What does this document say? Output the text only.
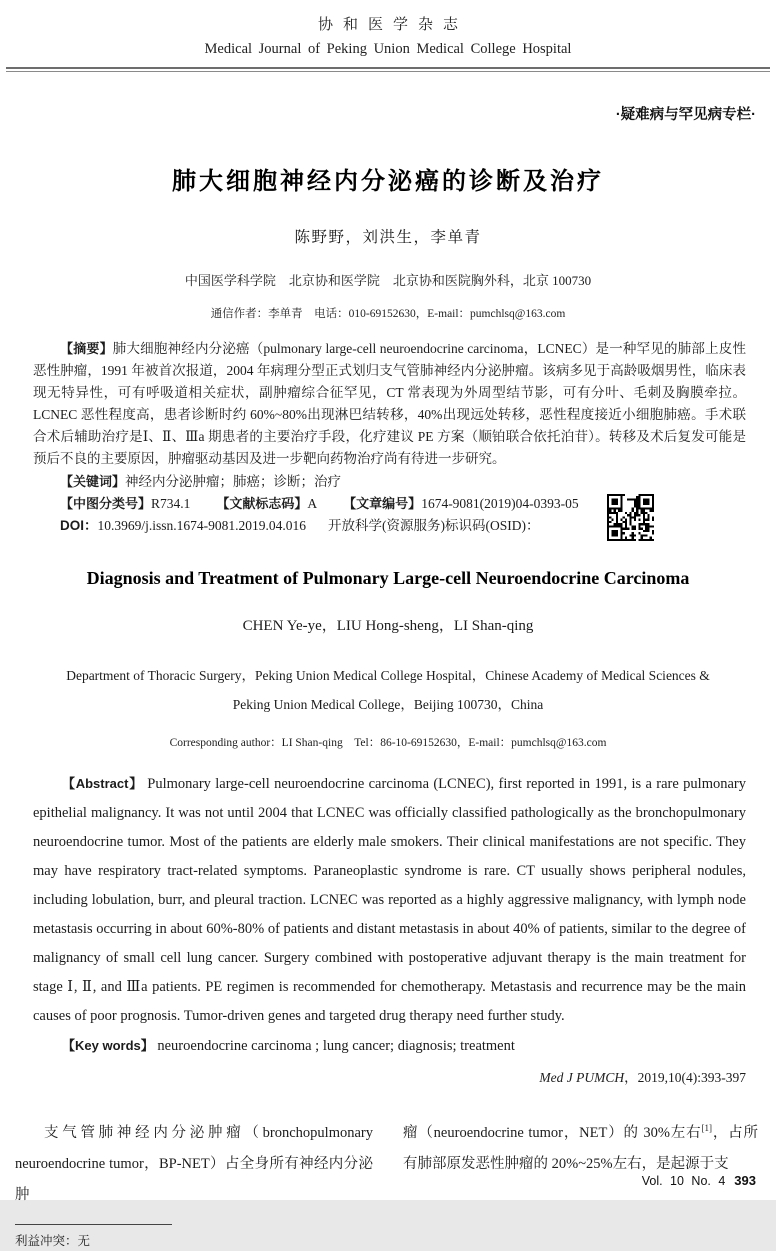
协和医学杂志
Medical Journal of Peking Union Medical College Hospital
·疑难病与罕见病专栏·
肺大细胞神经内分泌癌的诊断及治疗
陈野野，刘洪生，李单青
中国医学科学院　北京协和医学院　北京协和医院胸外科，北京 100730
通信作者：李单青　电话：010-69152630，E-mail：pumchlsq@163.com

【摘要】肺大细胞神经内分泌癌（pulmonary large-cell neuroendocrine carcinoma，LCNEC）是一种罕见的肺部上皮性恶性肿瘤，1991 年被首次报道，2004 年病理分型正式划归支气管肺神经内分泌肿瘤。该病多见于高龄吸烟男性，临床表现无特异性，可有呼吸道相关症状，副肿瘤综合征罕见，CT 常表现为外周型结节影，可有分叶、毛刺及胸膜牵拉。LCNEC 恶性程度高，患者诊断时约 60%~80%出现淋巴结转移，40%出现远处转移，恶性程度接近小细胞肺癌。手术联合术后辅助治疗是Ⅰ、Ⅱ、Ⅲa 期患者的主要治疗手段，化疗建议 PE 方案（顺铂联合依托泊苷）。转移及术后复发可能是预后不良的主要原因，肿瘤驱动基因及进一步靶向药物治疗尚有待进一步研究。

【关键词】神经内分泌肿瘤；肺癌；诊断；治疗

【中图分类号】R734.1 【文献标志码】A 【文章编号】1674-9081(2019)04-0393-05

DOI：10.3969/j.issn.1674-9081.2019.04.016 开放科学(资源服务)标识码(OSID)：

Diagnosis and Treatment of Pulmonary Large-cell Neuroendocrine Carcinoma
CHEN Ye-ye，LIU Hong-sheng，LI Shan-qing
Department of Thoracic Surgery，Peking Union Medical College Hospital，Chinese Academy of Medical Sciences &
Peking Union Medical College，Beijing 100730，China
Corresponding author：LI Shan-qing　Tel：86-10-69152630，E-mail：pumchlsq@163.com

【Abstract】 Pulmonary large-cell neuroendocrine carcinoma (LCNEC), first reported in 1991, is a rare pulmonary epithelial malignancy. It was not until 2004 that LCNEC was officially classified pathologically as the bronchopulmonary neuroendocrine tumor. Most of the patients are elderly male smokers. Their clinical manifestations are not specific. They may have respiratory tract-related symptoms. Paraneoplastic syndrome is rare. CT usually shows peripheral nodules, including lobulation, burr, and pleural traction. LCNEC was reported as a highly aggressive malignancy, with lymph node metastasis occurring in about 60%-80% of patients and distant metastasis in about 40% of patients, similar to the degree of malignancy of small cell lung cancer. Surgery combined with postoperative adjuvant therapy is the main treatment for stage Ⅰ, Ⅱ, and Ⅲa patients. PE regimen is recommended for chemotherapy. Metastasis and recurrence may be the main causes of poor prognosis. Tumor-driven genes and targeted drug therapy need further study.

【Key words】 neuroendocrine carcinoma ; lung cancer; diagnosis; treatment

Med J PUMCH，2019,10(4):393-397

支气管肺神经内分泌肿瘤（bronchopulmonary neuroendocrine tumor，BP-NET）占全身所有神经内分泌肿

利益冲突：无

瘤（neuroendocrine tumor，NET）的 30%左右[1]，占所有肺部原发恶性肿瘤的 20%~25%左右，是起源于支

Vol. 10 No. 4 393
